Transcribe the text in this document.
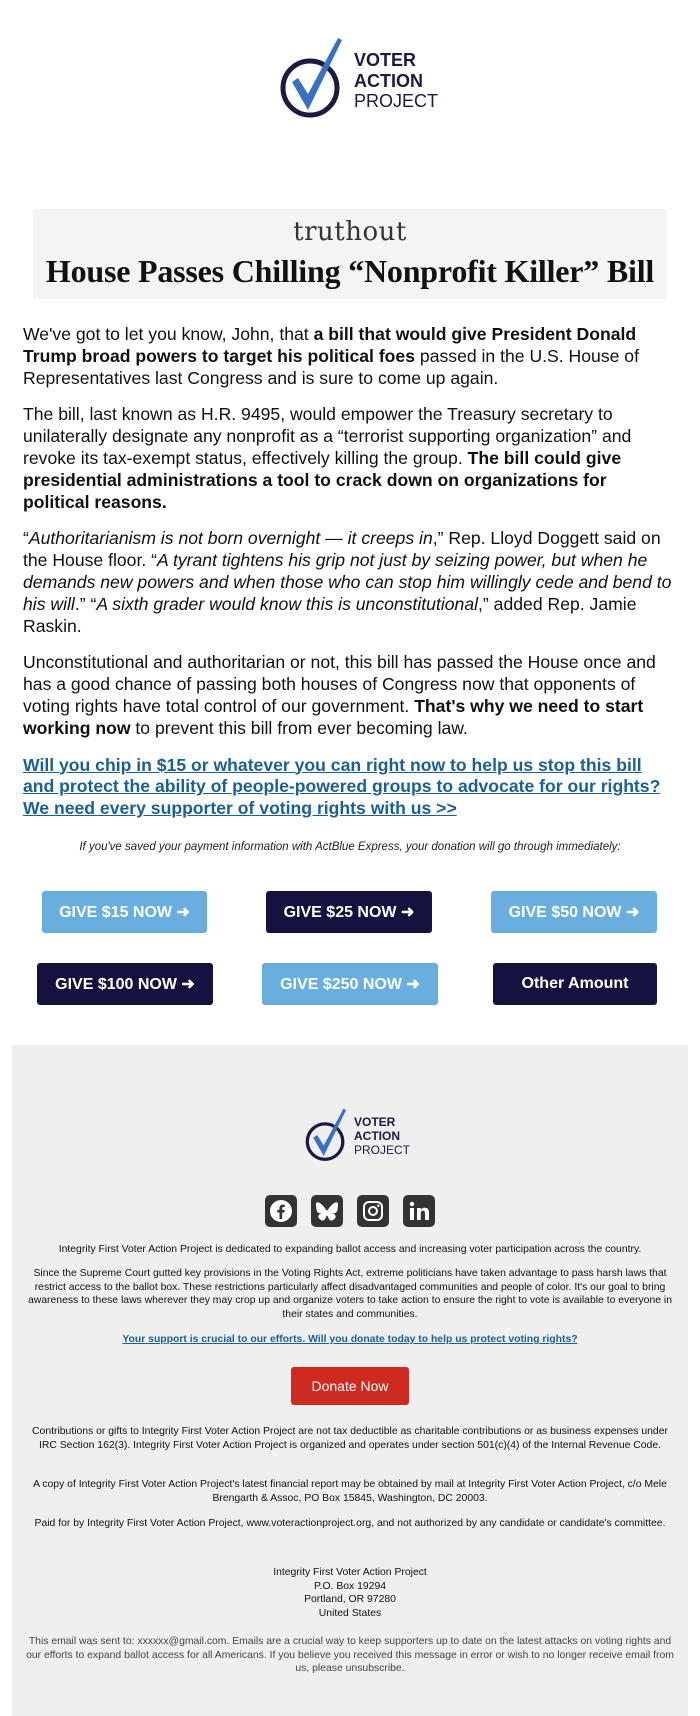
VOTER
ACTION
PROJECT
truthout
House Passes Chilling “Nonprofit Killer” Bill

We've got to let you know, John, that a bill that would give President Donald Trump broad powers to target his political foes passed in the U.S. House of Representatives last Congress and is sure to come up again.

The bill, last known as H.R. 9495, would empower the Treasury secretary to unilaterally designate any nonprofit as a “terrorist supporting organization” and revoke its tax-exempt status, effectively killing the group. The bill could give presidential administrations a tool to crack down on organizations for political reasons.

“Authoritarianism is not born overnight — it creeps in,” Rep. Lloyd Doggett said on the House floor. “A tyrant tightens his grip not just by seizing power, but when he demands new powers and when those who can stop him willingly cede and bend to his will.” “A sixth grader would know this is unconstitutional,” added Rep. Jamie Raskin.

Unconstitutional and authoritarian or not, this bill has passed the House once and has a good chance of passing both houses of Congress now that opponents of voting rights have total control of our government. That's why we need to start working now to prevent this bill from ever becoming law.

Will you chip in $15 or whatever you can right now to help us stop this bill and protect the ability of people-powered groups to advocate for our rights? We need every supporter of voting rights with us >>
If you've saved your payment information with ActBlue Express, your donation will go through immediately:
GIVE $15 NOW ➜	GIVE $25 NOW ➜	GIVE $50 NOW ➜
GIVE $100 NOW ➜	GIVE $250 NOW ➜	Other Amount
VOTER
ACTION
PROJECT
Integrity First Voter Action Project is dedicated to expanding ballot access and increasing voter participation across the country.
Since the Supreme Court gutted key provisions in the Voting Rights Act, extreme politicians have taken advantage to pass harsh laws that restrict access to the ballot box. These restrictions particularly affect disadvantaged communities and people of color. It's our goal to bring awareness to these laws wherever they may crop up and organize voters to take action to ensure the right to vote is available to everyone in their states and communities.
Your support is crucial to our efforts. Will you donate today to help us protect voting rights?
Donate Now
Contributions or gifts to Integrity First Voter Action Project are not tax deductible as charitable contributions or as business expenses under IRC Section 162(3). Integrity First Voter Action Project is organized and operates under section 501(c)(4) of the Internal Revenue Code.
A copy of Integrity First Voter Action Project's latest financial report may be obtained by mail at Integrity First Voter Action Project, c/o Mele Brengarth & Assoc, PO Box 15845, Washington, DC 20003.
Paid for by Integrity First Voter Action Project, www.voteractionproject.org, and not authorized by any candidate or candidate's committee.
Integrity First Voter Action Project
P.O. Box 19294
Portland, OR 97280
United States
This email was sent to: xxxxxx@gmail.com. Emails are a crucial way to keep supporters up to date on the latest attacks on voting rights and our efforts to expand ballot access for all Americans. If you believe you received this message in error or wish to no longer receive email from us, please unsubscribe.
